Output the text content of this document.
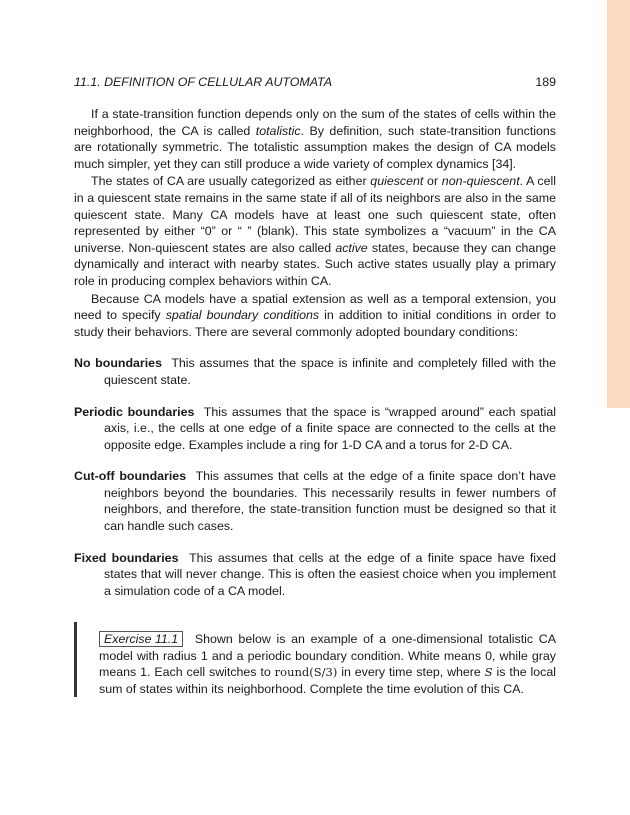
11.1. DEFINITION OF CELLULAR AUTOMATA	189

If a state-transition function depends only on the sum of the states of cells within the neighborhood, the CA is called totalistic. By definition, such state-transition functions are rotationally symmetric. The totalistic assumption makes the design of CA models much simpler, yet they can still produce a wide variety of complex dynamics [34].

The states of CA are usually categorized as either quiescent or non-quiescent. A cell in a quiescent state remains in the same state if all of its neighbors are also in the same quiescent state. Many CA models have at least one such quiescent state, often represented by either “0” or “ ” (blank). This state symbolizes a “vacuum” in the CA universe. Non-quiescent states are also called active states, because they can change dynamically and interact with nearby states. Such active states usually play a primary role in producing complex behaviors within CA.

Because CA models have a spatial extension as well as a temporal extension, you need to specify spatial boundary conditions in addition to initial conditions in order to study their behaviors. There are several commonly adopted boundary conditions:

No boundaries This assumes that the space is infinite and completely filled with the quiescent state.

Periodic boundaries This assumes that the space is “wrapped around” each spatial axis, i.e., the cells at one edge of a finite space are connected to the cells at the opposite edge. Examples include a ring for 1-D CA and a torus for 2-D CA.

Cut-off boundaries This assumes that cells at the edge of a finite space don’t have neighbors beyond the boundaries. This necessarily results in fewer numbers of neighbors, and therefore, the state-transition function must be designed so that it can handle such cases.

Fixed boundaries This assumes that cells at the edge of a finite space have fixed states that will never change. This is often the easiest choice when you implement a simulation code of a CA model.

Exercise 11.1 Shown below is an example of a one-dimensional totalistic CA model with radius 1 and a periodic boundary condition. White means 0, while gray means 1. Each cell switches to round(S/3) in every time step, where S is the local sum of states within its neighborhood. Complete the time evolution of this CA.
